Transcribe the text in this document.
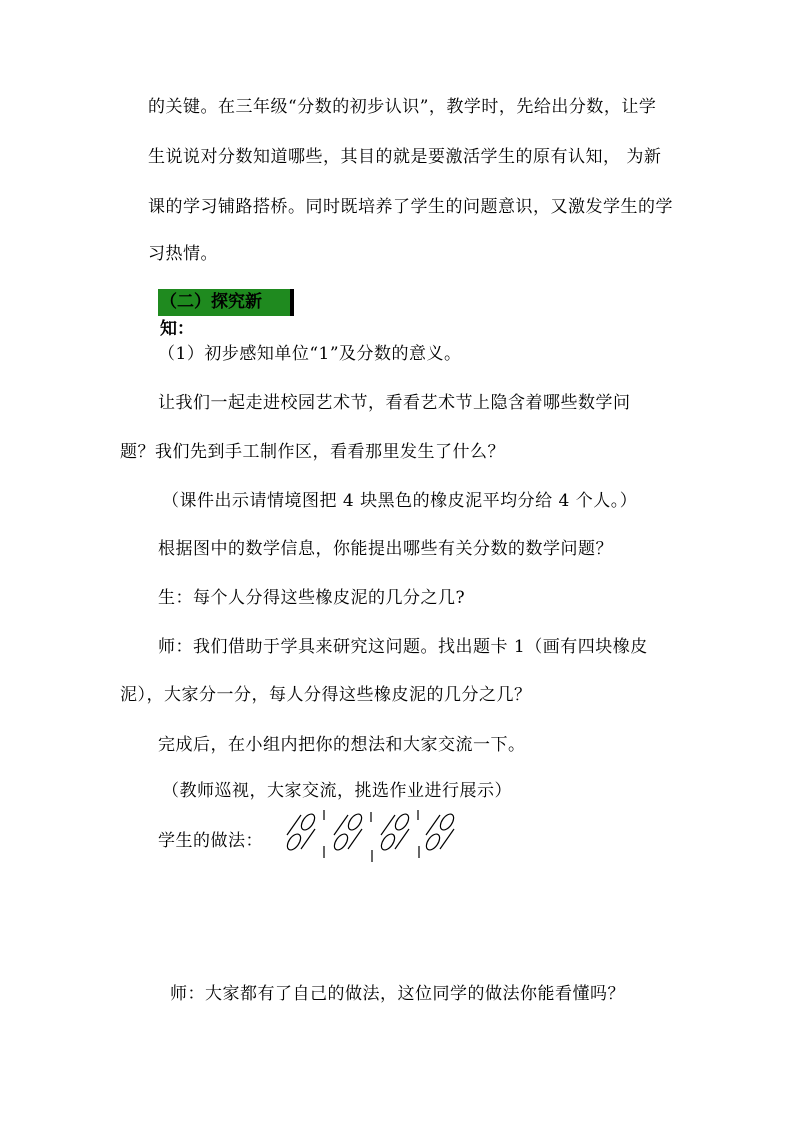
的关键。在三年级“分数的初步认识”，教学时，先给出分数，让学
生说说对分数知道哪些，其目的就是要激活学生的原有认知， 为新
课的学习铺路搭桥。同时既培养了学生的问题意识，又激发学生的学
习热情。
（二）探究新知：
（1）初步感知单位“1”及分数的意义。
让我们一起走进校园艺术节，看看艺术节上隐含着哪些数学问
题？我们先到手工制作区，看看那里发生了什么？
（课件出示请情境图把 4 块黑色的橡皮泥平均分给 4 个人。）
根据图中的数学信息，你能提出哪些有关分数的数学问题？
生：每个人分得这些橡皮泥的几分之几?
师：我们借助于学具来研究这问题。找出题卡 1（画有四块橡皮
泥），大家分一分，每人分得这些橡皮泥的几分之几？
完成后，在小组内把你的想法和大家交流一下。
（教师巡视，大家交流，挑选作业进行展示）
学生的做法：
师：大家都有了自己的做法，这位同学的做法你能看懂吗？
